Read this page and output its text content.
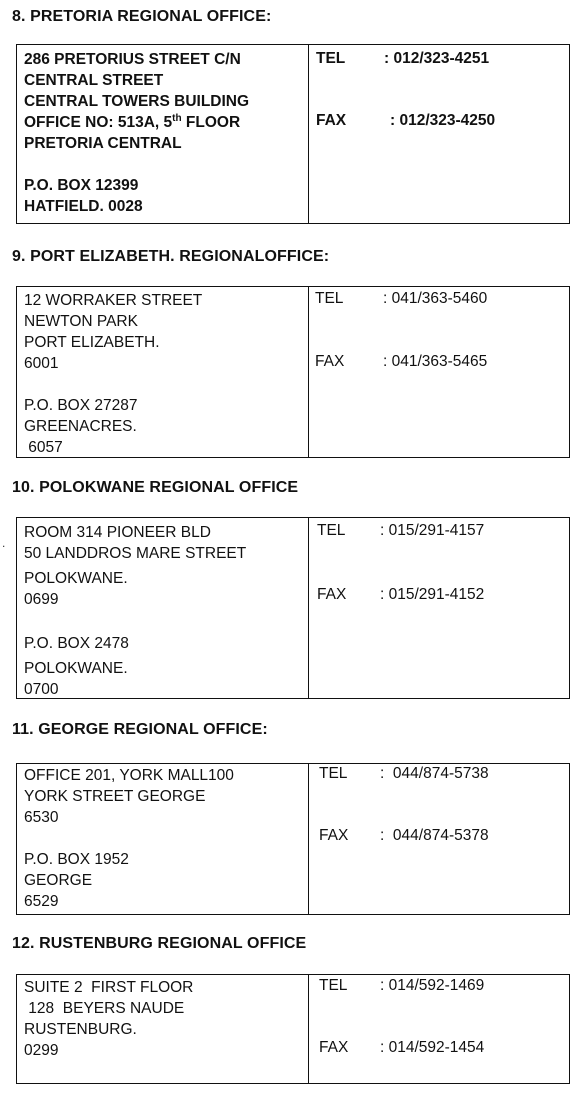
8. PRETORIA REGIONAL OFFICE:
286 PRETORIUS STREET C/N
CENTRAL STREET
CENTRAL TOWERS BUILDING
OFFICE NO: 513A, 5th FLOOR
PRETORIA CENTRAL
P.O. BOX 12399
HATFIELD. 0028
TEL : 012/323-4251
FAX	: 012/323-4250
9. PORT ELIZABETH. REGIONALOFFICE:
12 WORRAKER STREET
NEWTON PARK
PORT ELIZABETH.
6001
P.O. BOX 27287
GREENACRES.
6057
TEL	: 041/363-5460
FAX : 041/363-5465
10. POLOKWANE REGIONAL OFFICE
.
ROOM 314 PIONEER BLD
50 LANDDROS MARE STREET
POLOKWANE.
0699
P.O. BOX 2478
POLOKWANE.
0700
TEL : 015/291-4157
FAX : 015/291-4152
11. GEORGE REGIONAL OFFICE:
OFFICE 201, YORK MALL100
YORK STREET GEORGE
6530
P.O. BOX 1952
GEORGE
6529
TEL :  044/874-5738
FAX :  044/874-5378
12. RUSTENBURG REGIONAL OFFICE
SUITE 2  FIRST FLOOR
128  BEYERS NAUDE
RUSTENBURG.
0299
TEL : 014/592-1469
FAX : 014/592-1454
